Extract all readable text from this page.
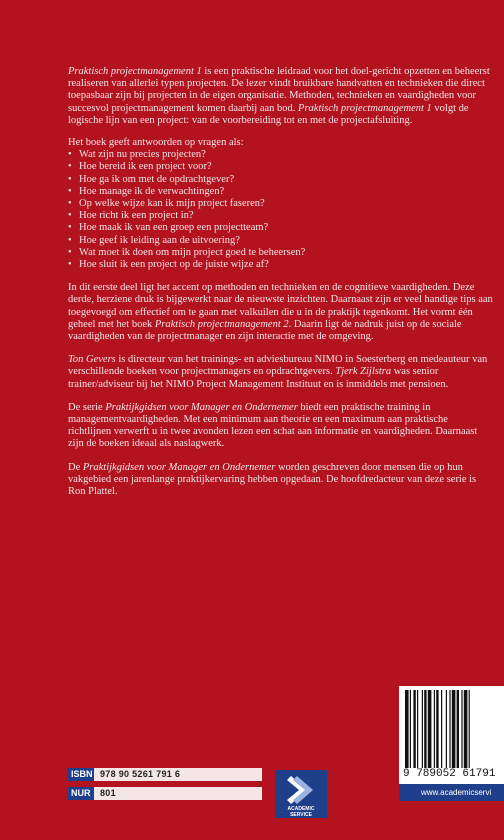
Praktisch projectmanagement 1 is een praktische leidraad voor het doel-gericht opzetten en beheerst realiseren van allerlei typen projecten. De lezer vindt bruikbare handvatten en technieken die direct toepasbaar zijn bij projecten in de eigen organisatie. Methoden, technieken en vaardigheden voor succesvol projectmanagement komen daarbij aan bod. Praktisch projectmanagement 1 volgt de logische lijn van een project: van de voorbereiding tot en met de projectafsluiting.

Het boek geeft antwoorden op vragen als:

• Wat zijn nu precies projecten?
• Hoe bereid ik een project voor?
• Hoe ga ik om met de opdrachtgever?
• Hoe manage ik de verwachtingen?
• Op welke wijze kan ik mijn project faseren?
• Hoe richt ik een project in?
• Hoe maak ik van een groep een projectteam?
• Hoe geef ik leiding aan de uitvoering?
• Wat moet ik doen om mijn project goed te beheersen?
• Hoe sluit ik een project op de juiste wijze af?

In dit eerste deel ligt het accent op methoden en technieken en de cognitieve vaardigheden. Deze derde, herziene druk is bijgewerkt naar de nieuwste inzichten. Daarnaast zijn er veel handige tips aan toegevoegd om effectief om te gaan met valkuilen die u in de praktijk tegenkomt. Het vormt één geheel met het boek Praktisch projectmanagement 2. Daarin ligt de nadruk juist op de sociale vaardigheden van de projectmanager en zijn interactie met de omgeving.

Ton Gevers is directeur van het trainings- en adviesbureau NIMO in Soesterberg en medeauteur van verschillende boeken voor projectmanagers en opdrachtgevers. Tjerk Zijlstra was senior trainer/adviseur bij het NIMO Project Management Instituut en is inmiddels met pensioen.

De serie Praktijkgidsen voor Manager en Ondernemer biedt een praktische training in managementvaardigheden. Met een minimum aan theorie en een maximum aan praktische richtlijnen verwerft u in twee avonden lezen een schat aan informatie en vaardigheden. Daarnaast zijn de boeken ideaal als naslagwerk.

De Praktijkgidsen voor Manager en Ondernemer worden geschreven door mensen die op hun vakgebied een jarenlange praktijkervaring hebben opgedaan. De hoofdredacteur van deze serie is Ron Plattel.

9 789052 61791
www.academicservi
ISBN 978 90 5261 791 6
NUR 801
ACADEMIC
SERVICE
